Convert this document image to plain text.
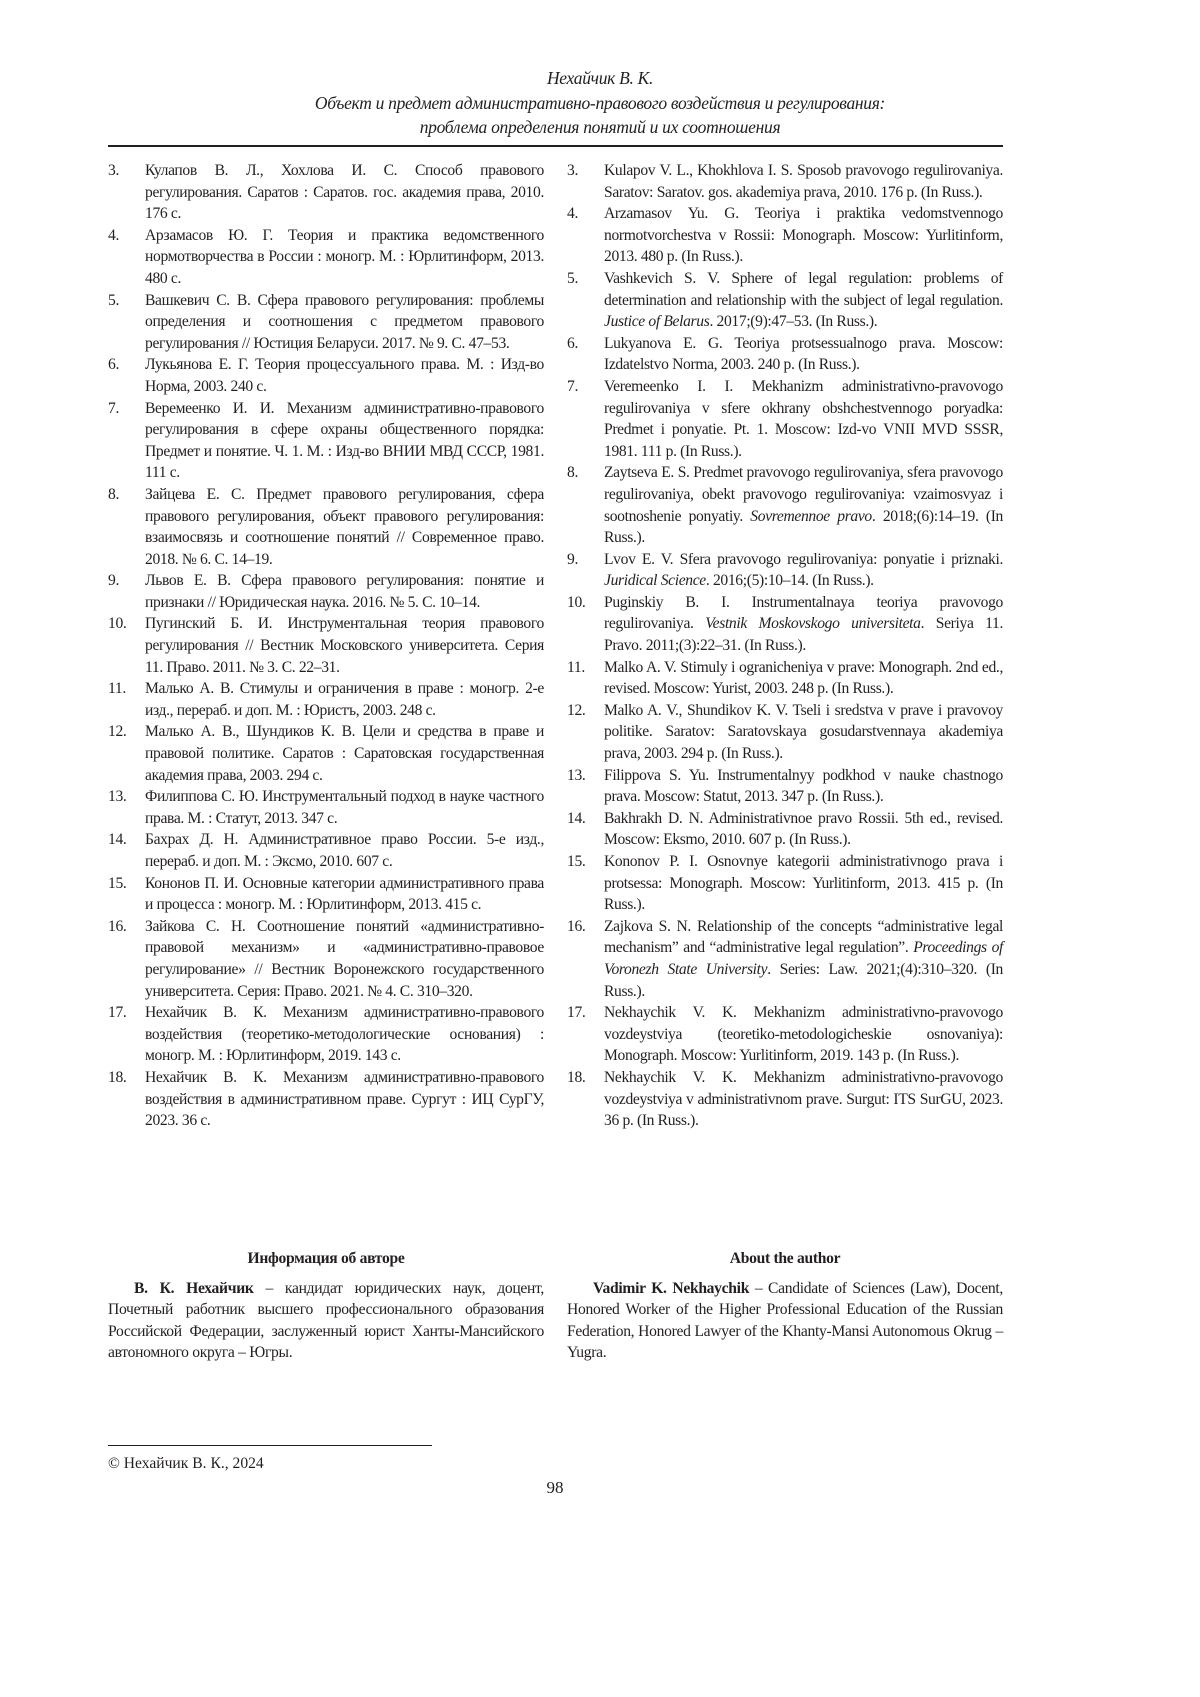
Нехайчик В. К.
Объект и предмет административно-правового воздействия и регулирования:
проблема определения понятий и их соотношения
3.	Кулапов В. Л., Хохлова И. С. Способ правового регулирования. Саратов : Саратов. гос. академия права, 2010. 176 с.
4.	Арзамасов Ю. Г. Теория и практика ведомственного нормотворчества в России : моногр. М. : Юрлитинформ, 2013. 480 с.
5.	Вашкевич С. В. Сфера правового регулирования: проблемы определения и соотношения с предметом правового регулирования // Юстиция Беларуси. 2017. № 9. С. 47–53.
6.	Лукьянова Е. Г. Теория процессуального права. М. : Изд-во Норма, 2003. 240 с.
7.	Веремеенко И. И. Механизм административно-правового регулирования в сфере охраны общественного порядка: Предмет и понятие. Ч. 1. М. : Изд-во ВНИИ МВД СССР, 1981. 111 с.
8.	Зайцева Е. С. Предмет правового регулирования, сфера правового регулирования, объект правового регулирования: взаимосвязь и соотношение понятий // Современное право. 2018. № 6. С. 14–19.
9.	Львов Е. В. Сфера правового регулирования: понятие и признаки // Юридическая наука. 2016. № 5. С. 10–14.
10.	Пугинский Б. И. Инструментальная теория правового регулирования // Вестник Московского университета. Серия 11. Право. 2011. № 3. С. 22–31.
11.	Малько А. В. Стимулы и ограничения в праве : моногр. 2-е изд., перераб. и доп. М. : Юристъ, 2003. 248 с.
12.	Малько А. В., Шундиков К. В. Цели и средства в праве и правовой политике. Саратов : Саратовская государственная академия права, 2003. 294 с.
13.	Филиппова С. Ю. Инструментальный подход в науке частного права. М. : Статут, 2013. 347 с.
14.	Бахрах Д. Н. Административное право России. 5-е изд., перераб. и доп. М. : Эксмо, 2010. 607 с.
15.	Кононов П. И. Основные категории административного права и процесса : моногр. М. : Юрлитинформ, 2013. 415 с.
16.	Зайкова С. Н. Соотношение понятий «административно-правовой механизм» и «административно-правовое регулирование» // Вестник Воронежского государственного университета. Серия: Право. 2021. № 4. С. 310–320.
17.	Нехайчик В. К. Механизм административно-правового воздействия (теоретико-методологические основания) : моногр. М. : Юрлитинформ, 2019. 143 с.
18.	Нехайчик В. К. Механизм административно-правового воздействия в административном праве. Сургут : ИЦ СурГУ, 2023. 36 с.
3.	Kulapov V. L., Khokhlova I. S. Sposob pravovogo regulirovaniya. Saratov: Saratov. gos. akademiya prava, 2010. 176 p. (In Russ.).
4.	Arzamasov Yu. G. Teoriya i praktika vedomstvennogo normotvorchestva v Rossii: Monograph. Moscow: Yurlitinform, 2013. 480 p. (In Russ.).
5.	Vashkevich S. V. Sphere of legal regulation: problems of determination and relationship with the subject of legal regulation. Justice of Belarus. 2017;(9):47–53. (In Russ.).
6.	Lukyanova E. G. Teoriya protsessualnogo prava. Moscow: Izdatelstvo Norma, 2003. 240 p. (In Russ.).
7.	Veremeenko I. I. Mekhanizm administrativno-pravovogo regulirovaniya v sfere okhrany obshchestvennogo poryadka: Predmet i ponyatie. Pt. 1. Moscow: Izd-vo VNII MVD SSSR, 1981. 111 p. (In Russ.).
8.	Zaytseva E. S. Predmet pravovogo regulirovaniya, sfera pravovogo regulirovaniya, obekt pravovogo regulirovaniya: vzaimosvyaz i sootnoshenie ponyatiy. Sovremennoe pravo. 2018;(6):14–19. (In Russ.).
9.	Lvov E. V. Sfera pravovogo regulirovaniya: ponyatie i priznaki. Juridical Science. 2016;(5):10–14. (In Russ.).
10.	Puginskiy B. I. Instrumentalnaya teoriya pravovogo regulirovaniya. Vestnik Moskovskogo universiteta. Seriya 11. Pravo. 2011;(3):22–31. (In Russ.).
11.	Malko A. V. Stimuly i ogranicheniya v prave: Monograph. 2nd ed., revised. Moscow: Yurist, 2003. 248 p. (In Russ.).
12.	Malko A. V., Shundikov K. V. Tseli i sredstva v prave i pravovoy politike. Saratov: Saratovskaya gosudarstvennaya akademiya prava, 2003. 294 p. (In Russ.).
13.	Filippova S. Yu. Instrumentalnyy podkhod v nauke chastnogo prava. Moscow: Statut, 2013. 347 p. (In Russ.).
14.	Bakhrakh D. N. Administrativnoe pravo Rossii. 5th ed., revised. Moscow: Eksmo, 2010. 607 p. (In Russ.).
15.	Kononov P. I. Osnovnye kategorii administrativnogo prava i protsessa: Monograph. Moscow: Yurlitinform, 2013. 415 p. (In Russ.).
16.	Zajkova S. N. Relationship of the concepts “administrative legal mechanism” and “administrative legal regulation”. Proceedings of Voronezh State University. Series: Law. 2021;(4):310–320. (In Russ.).
17.	Nekhaychik V. K. Mekhanizm administrativno-pravovogo vozdeystviya (teoretiko-metodologicheskie osnovaniya): Monograph. Moscow: Yurlitinform, 2019. 143 p. (In Russ.).
18.	Nekhaychik V. K. Mekhanizm administrativno-pravovogo vozdeystviya v administrativnom prave. Surgut: ITS SurGU, 2023. 36 p. (In Russ.).
Информация об авторе

В. К. Нехайчик – кандидат юридических наук, доцент, Почетный работник высшего профессионального образования Российской Федерации, заслуженный юрист Ханты-Мансийского автономного округа – Югры.

About the author

Vadimir K. Nekhaychik – Candidate of Sciences (Law), Docent, Honored Worker of the Higher Professional Education of the Russian Federation, Honored Lawyer of the Khanty-Mansi Autonomous Okrug – Yugra.

© Нехайчик В. К., 2024
98
